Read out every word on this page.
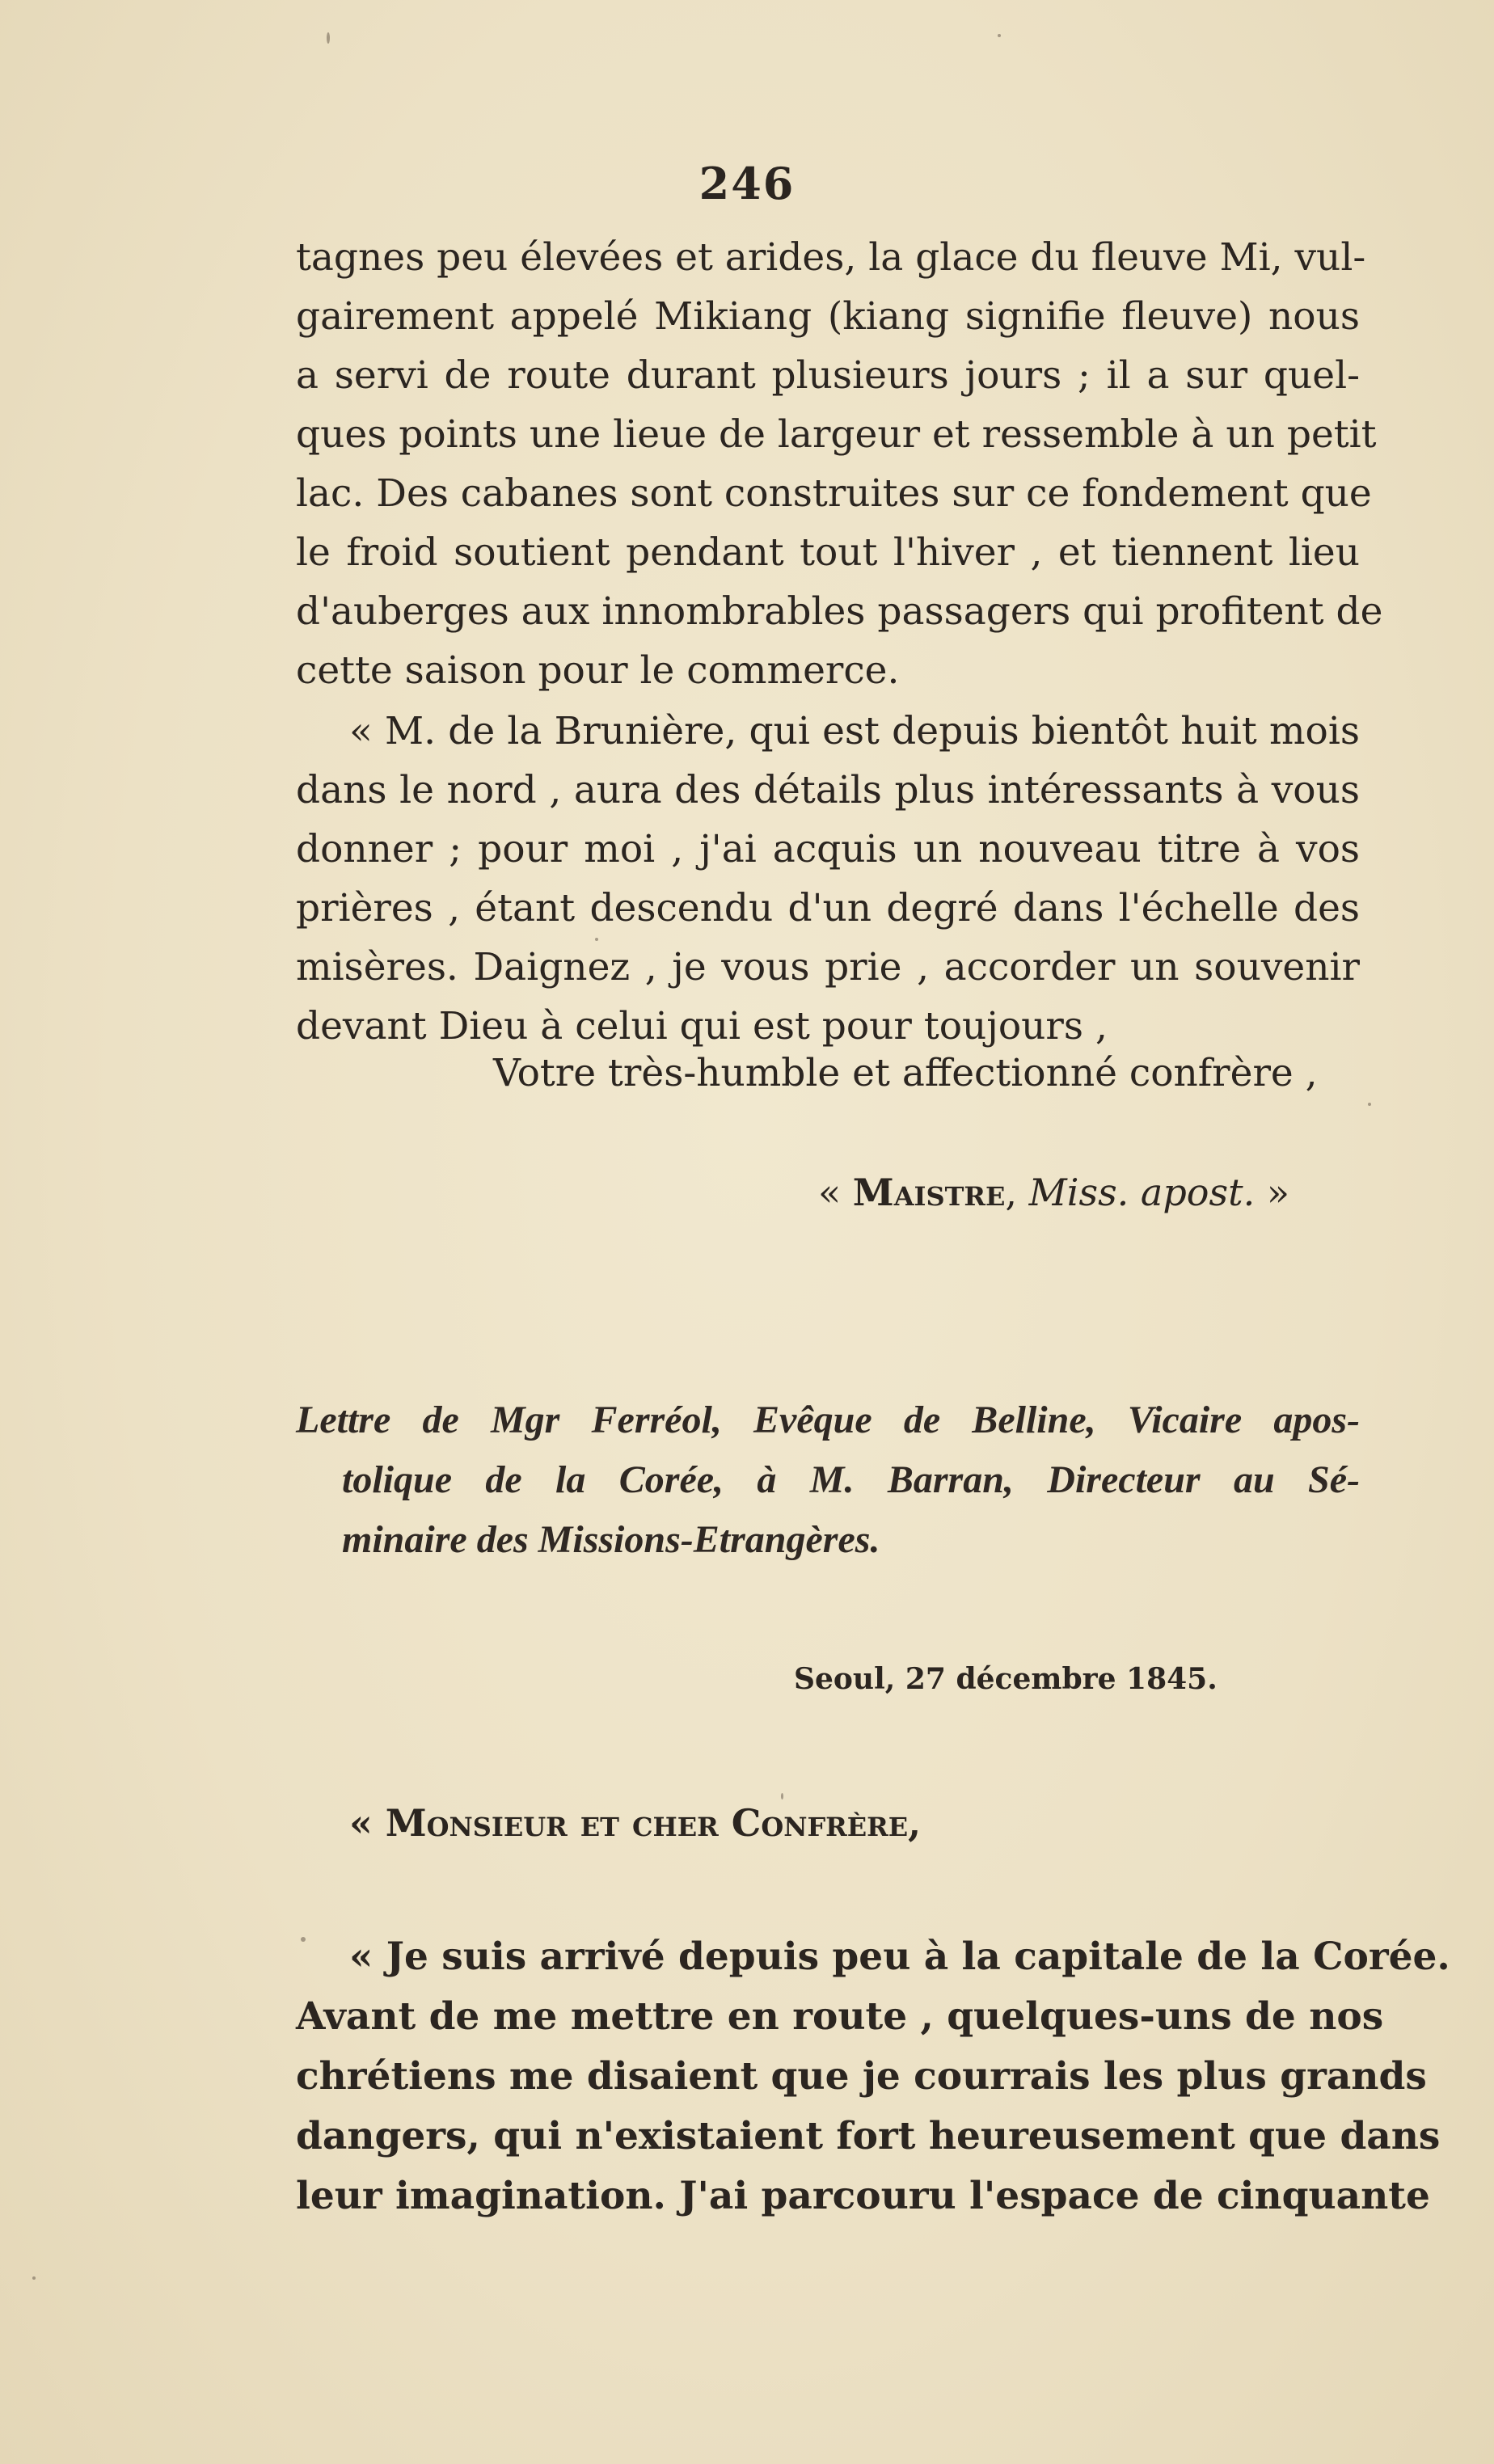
246
tagnes peu élevées et arides, la glace du fleuve Mi, vul-
gairement appelé Mikiang (kiang signifie fleuve) nous
a servi de route durant plusieurs jours ; il a sur quel-
ques points une lieue de largeur et ressemble à un petit
lac. Des cabanes sont construites sur ce fondement que
le froid soutient pendant tout l'hiver , et tiennent lieu
d'auberges aux innombrables passagers qui profitent de
cette saison pour le commerce.
« M. de la Brunière, qui est depuis bientôt huit mois
dans le nord , aura des détails plus intéressants à vous
donner ; pour moi , j'ai acquis un nouveau titre à vos
prières , étant descendu d'un degré dans l'échelle des
misères. Daignez , je vous prie , accorder un souvenir
devant Dieu à celui qui est pour toujours ,
Votre très-humble et affectionné confrère ,
« Maistre, Miss. apost. »
Lettre de Mgr Ferréol, Evêque de Belline, Vicaire apos-
tolique de la Corée, à M. Barran, Directeur au Sé-
minaire des Missions-Etrangères.
Seoul, 27 décembre 1845.
« Monsieur et cher Confrère,
« Je suis arrivé depuis peu à la capitale de la Corée.
Avant de me mettre en route , quelques-uns de nos
chrétiens me disaient que je courrais les plus grands
dangers, qui n'existaient fort heureusement que dans
leur imagination. J'ai parcouru l'espace de cinquante
